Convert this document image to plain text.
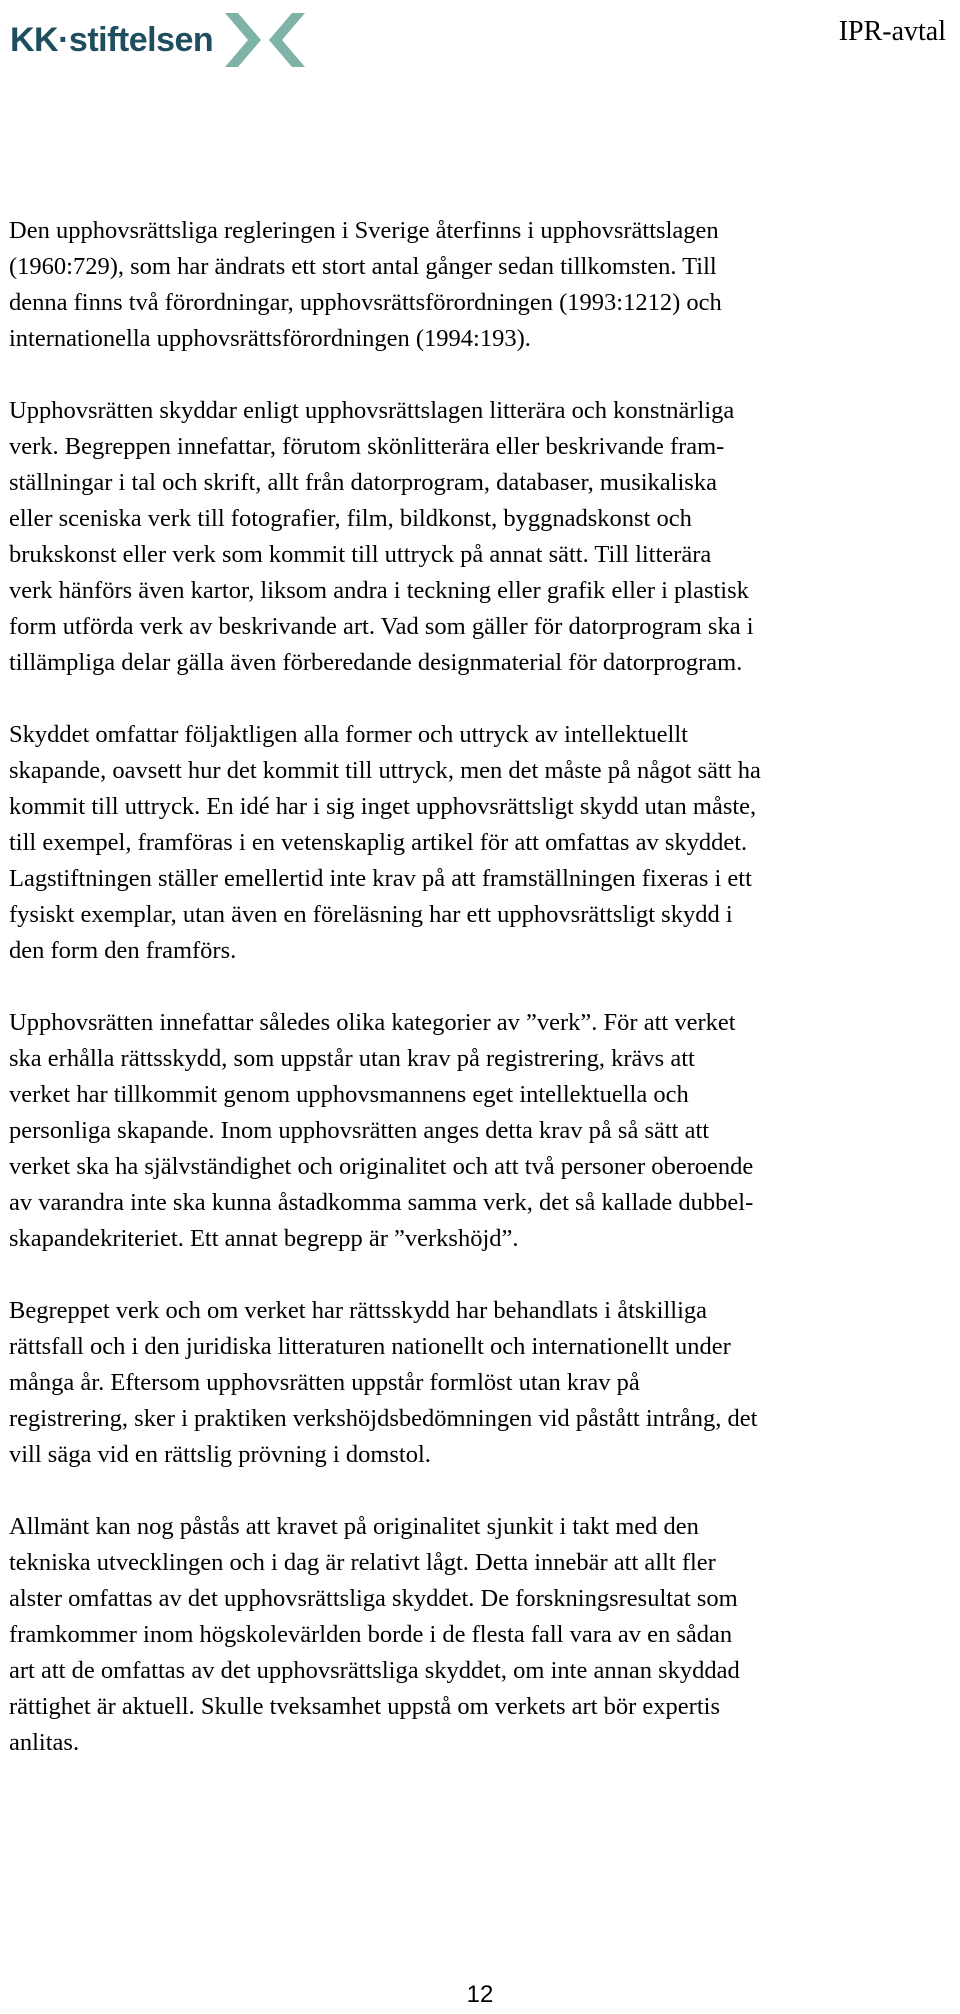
KK·stiftelsen	IPR-avtal

Den upphovsrättsliga regleringen i Sverige återfinns i upphovsrättslagen
(1960:729), som har ändrats ett stort antal gånger sedan tillkomsten. Till
denna finns två förordningar, upphovsrättsförordningen (1993:1212) och
internationella upphovsrättsförordningen (1994:193).

Upphovsrätten skyddar enligt upphovsrättslagen litterära och konstnärliga
verk. Begreppen innefattar, förutom skönlitterära eller beskrivande fram-
ställningar i tal och skrift, allt från datorprogram, databaser, musikaliska
eller sceniska verk till fotografier, film, bildkonst, byggnadskonst och
brukskonst eller verk som kommit till uttryck på annat sätt. Till litterära
verk hänförs även kartor, liksom andra i teckning eller grafik eller i plastisk
form utförda verk av beskrivande art. Vad som gäller för datorprogram ska i
tillämpliga delar gälla även förberedande designmaterial för datorprogram.

Skyddet omfattar följaktligen alla former och uttryck av intellektuellt
skapande, oavsett hur det kommit till uttryck, men det måste på något sätt ha
kommit till uttryck. En idé har i sig inget upphovsrättsligt skydd utan måste,
till exempel, framföras i en vetenskaplig artikel för att omfattas av skyddet.
Lagstiftningen ställer emellertid inte krav på att framställningen fixeras i ett
fysiskt exemplar, utan även en föreläsning har ett upphovsrättsligt skydd i
den form den framförs.

Upphovsrätten innefattar således olika kategorier av ”verk”. För att verket
ska erhålla rättsskydd, som uppstår utan krav på registrering, krävs att
verket har tillkommit genom upphovsmannens eget intellektuella och
personliga skapande. Inom upphovsrätten anges detta krav på så sätt att
verket ska ha självständighet och originalitet och att två personer oberoende
av varandra inte ska kunna åstadkomma samma verk, det så kallade dubbel-
skapandekriteriet. Ett annat begrepp är ”verkshöjd”.

Begreppet verk och om verket har rättsskydd har behandlats i åtskilliga
rättsfall och i den juridiska litteraturen nationellt och internationellt under
många år. Eftersom upphovsrätten uppstår formlöst utan krav på
registrering, sker i praktiken verkshöjdsbedömningen vid påstått intrång, det
vill säga vid en rättslig prövning i domstol.

Allmänt kan nog påstås att kravet på originalitet sjunkit i takt med den
tekniska utvecklingen och i dag är relativt lågt. Detta innebär att allt fler
alster omfattas av det upphovsrättsliga skyddet. De forskningsresultat som
framkommer inom högskolevärlden borde i de flesta fall vara av en sådan
art att de omfattas av det upphovsrättsliga skyddet, om inte annan skyddad
rättighet är aktuell. Skulle tveksamhet uppstå om verkets art bör expertis
anlitas.

12
